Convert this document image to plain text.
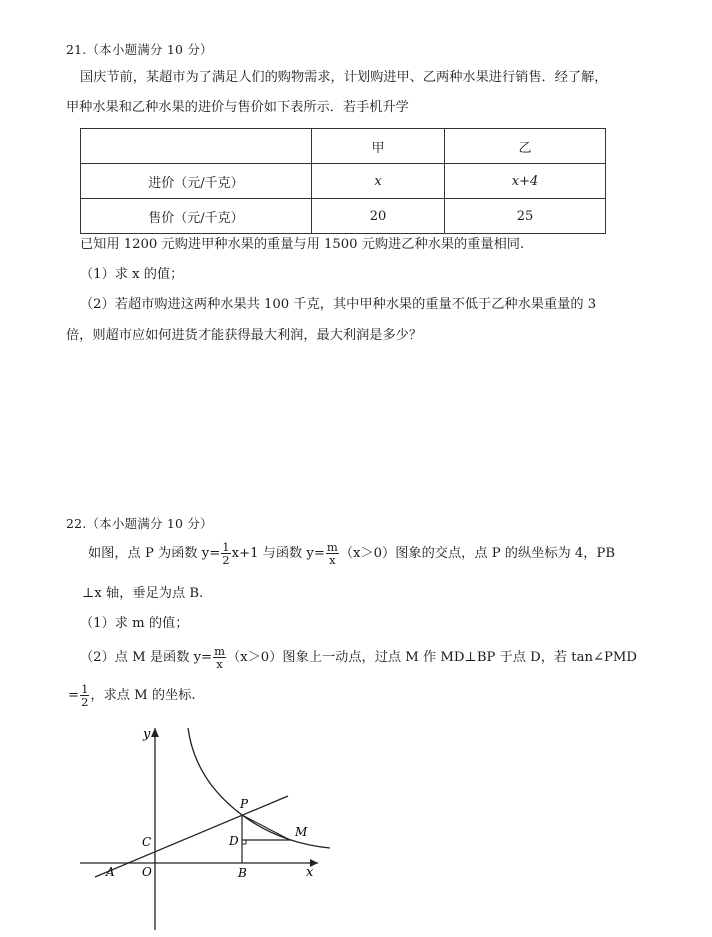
21.（本小题满分 10 分）
国庆节前，某超市为了满足人们的购物需求，计划购进甲、乙两种水果进行销售．经了解，
甲种水果和乙种水果的进价与售价如下表所示．若手机升学
	甲	乙
进价（元/千克）	x	x+4
售价（元/千克）	20	25
已知用 1200 元购进甲种水果的重量与用 1500 元购进乙种水果的重量相同.
（1）求 x 的值；
（2）若超市购进这两种水果共 100 千克，其中甲种水果的重量不低于乙种水果重量的 3
倍，则超市应如何进货才能获得最大利润，最大利润是多少？
22.（本小题满分 10 分）
如图，点 P 为函数 $y= \frac{1}{2} x+1$ 与函数 $y= \frac{m}{x} (x>0)$图象的交点，点 P 的纵坐标为 4，PB
⊥x 轴，垂足为点 B.
（1）求 m 的值；
（2）点 M 是函数 $y= \frac{m}{x} (x>0)$图象上一动点，过点 M 作 MD⊥BP 于点 D，若 tan∠PMD
= $\frac{1}{2}$ ，求点 M 的坐标.
y
x
O
A	B
C	D
P
M
